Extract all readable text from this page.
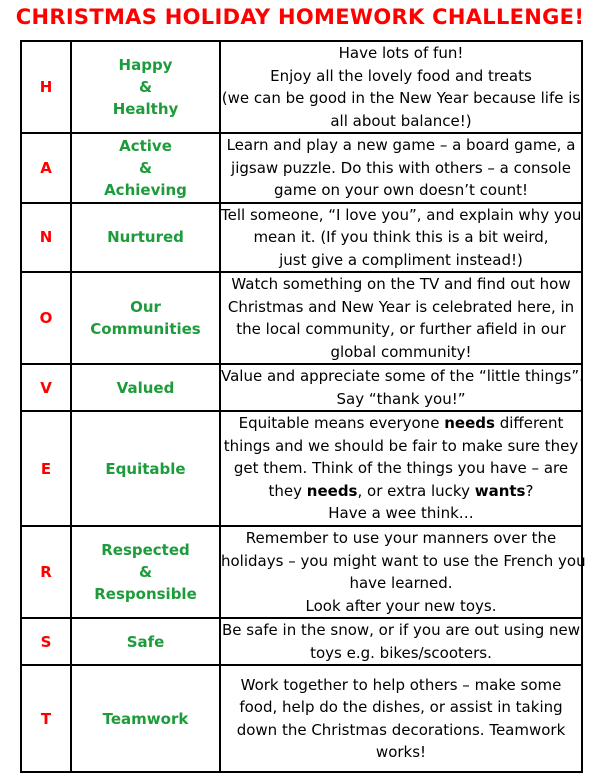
CHRISTMAS HOLIDAY HOMEWORK CHALLENGE!
H	Happy
&
Healthy	Have lots of fun!
Enjoy all the lovely food and treats
(we can be good in the New Year because life is
all about balance!)

A	Active
&
Achieving	Learn and play a new game – a board game, a
jigsaw puzzle. Do this with others – a console
game on your own doesn’t count!

N	Nurtured	Tell someone, “I love you”, and explain why you
mean it. (If you think this is a bit weird,
just give a compliment instead!)

O	Our
Communities	Watch something on the TV and find out how
Christmas and New Year is celebrated here, in
the local community, or further afield in our
global community!

V	Valued	Value and appreciate some of the “little things”.
Say “thank you!”

E	Equitable	Equitable means everyone needs different
things and we should be fair to make sure they
get them. Think of the things you have – are
they needs, or extra lucky wants?
Have a wee think…

R	Respected
&
Responsible	Remember to use your manners over the
holidays – you might want to use the French you
have learned.
Look after your new toys.

S	Safe	Be safe in the snow, or if you are out using new
toys e.g. bikes/scooters.

T	Teamwork	Work together to help others – make some
food, help do the dishes, or assist in taking
down the Christmas decorations. Teamwork
works!
